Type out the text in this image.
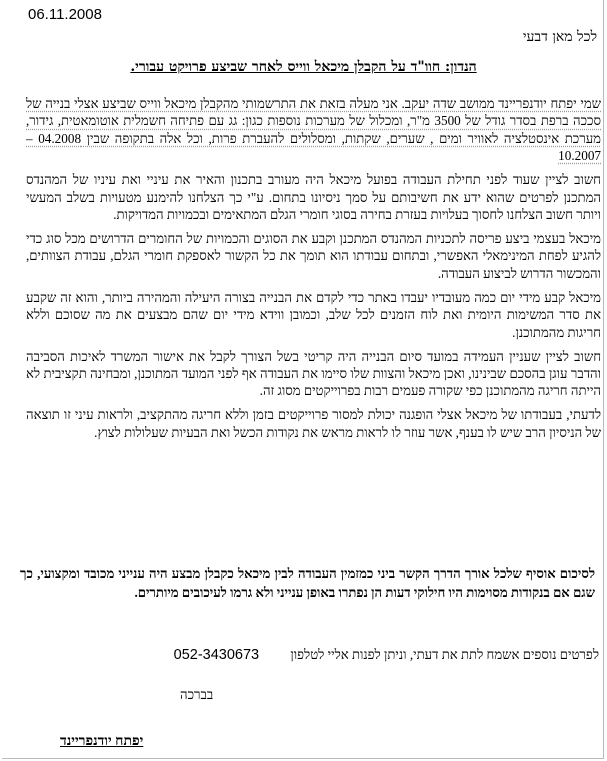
06.11.2008
לכל מאן דבעי
הנדון: חוו"ד על הקבלן מיכאל ווייס לאחר שביצע פרויקט עבורי.

שמי יפתח יודנפריינד ממושב שדה יעקב. אני מעלה בזאת את התרשמותי מהקבלן מיכאל ווייס שביצע אצלי בנייה של סככה ברפת בסדר גודל של 3500 מ"ר, ומכלול של מערכות נוספות כגון: גג עם פתיחה חשמלית אוטומאטית, גידור, מערכת אינסטלציה לאוויר ומים , שערים, שקתות, ומסלולים להעברת פרות, וכל אלה בתקופה שבין 04.2008 – 10.2007

חשוב לציין שעוד לפני תחילת העבודה בפועל מיכאל היה מעורב בתכנון והאיר את עיניי ואת עיניו של המהנדס המתכנן לפרטים שהוא ידע את חשיבותם על סמך ניסיונו בתחום. ע"י כך הצלחנו להימנע מטעויות בשלב המעשי ויותר חשוב הצלחנו לחסוך בעלויות בעזרת בחירה בסוגי חומרי הגלם המתאימים ובכמויות המדויקות.

מיכאל בעצמי ביצע פריסה לתכניות המהנדס המתכנן וקבע את הסוגים והכמויות של החומרים הדרושים מכל סוג כדי להגיע לפחת המינימאלי האפשרי, ובתחום עבודתו הוא תומך את כל הקשור לאספקת חומרי הגלם, עבודת הצוותים, והמכשור הדרוש לביצוע העבודה.

מיכאל קבע מידי יום כמה מעובדיו יעבדו באתר כדי לקדם את הבנייה בצורה היעילה והמהירה ביותר, והוא זה שקבע את סדר המשימות היומית ואת לוח הזמנים לכל שלב, וכמובן ווידא מידי יום שהם מבצעים את מה שסוכם וללא חריגות מהמתוכנן.

חשוב לציין שעניין העמידה במועד סיום הבנייה היה קריטי בשל הצורך לקבל את אישור המשרד לאיכות הסביבה והדבר עוגן בהסכם שבינינו, ואכן מיכאל והצוות שלו סיימו את העבודה אף לפני המועד המתוכנן, ומבחינה תקציבית לא הייתה חריגה מהמתוכנן כפי שקורה פעמים רבות בפרוייקטים מסוג זה.

לדעתי, בעבודתו של מיכאל אצלי הופגנה יכולת למסור פרוייקטים בזמן וללא חריגה מהתקציב, ולראות עיני זו תוצאה של הניסיון הרב שיש לו בענף, אשר עוזר לו לראות מראש את נקודות הכשל ואת הבעיות שעלולות לצוץ.

לסיכום אוסיף שלכל אורך הדרך הקשר ביני כמזמין העבודה לבין מיכאל כקבלן מבצע היה ענייני מכובד ומקצועי, כך שגם אם בנקודות מסוימות היו חילוקי דעות הן נפתרו באופן ענייני ולא גרמו לעיכובים מיותרים.
לפרטים נוספים אשמח לתת את דעתי, וניתן לפנות אליי לטלפון 052-3430673
בברכה
יפתח יודנפריינד
